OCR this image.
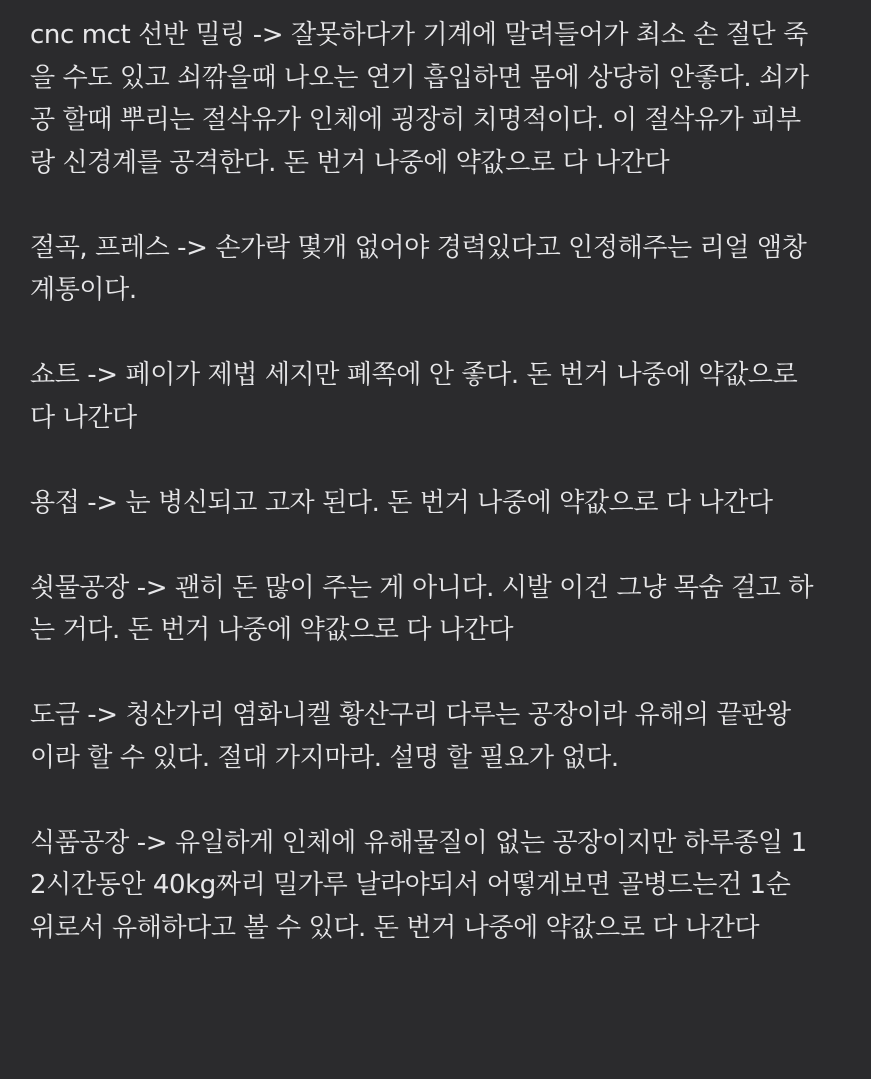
cnc mct 선반 밀링 -> 잘못하다가 기계에 말려들어가 최소 손 절단 죽
을 수도 있고 쇠깎을때 나오는 연기 흡입하면 몸에 상당히 안좋다. 쇠가
공 할때 뿌리는 절삭유가 인체에 굉장히 치명적이다. 이 절삭유가 피부
랑 신경계를 공격한다. 돈 번거 나중에 약값으로 다 나간다
절곡, 프레스 -> 손가락 몇개 없어야 경력있다고 인정해주는 리얼 앰창
계통이다.
쇼트 -> 페이가 제법 세지만 폐쪽에 안 좋다. 돈 번거 나중에 약값으로
다 나간다
용접 -> 눈 병신되고 고자 된다. 돈 번거 나중에 약값으로 다 나간다
쇳물공장 -> 괜히 돈 많이 주는 게 아니다. 시발 이건 그냥 목숨 걸고 하
는 거다. 돈 번거 나중에 약값으로 다 나간다
도금 -> 청산가리 염화니켈 황산구리 다루는 공장이라 유해의 끝판왕
이라 할 수 있다. 절대 가지마라. 설명 할 필요가 없다.
식품공장 -> 유일하게 인체에 유해물질이 없는 공장이지만 하루종일 1
2시간동안 40kg짜리 밀가루 날라야되서 어떻게보면 골병드는건 1순
위로서 유해하다고 볼 수 있다. 돈 번거 나중에 약값으로 다 나간다
